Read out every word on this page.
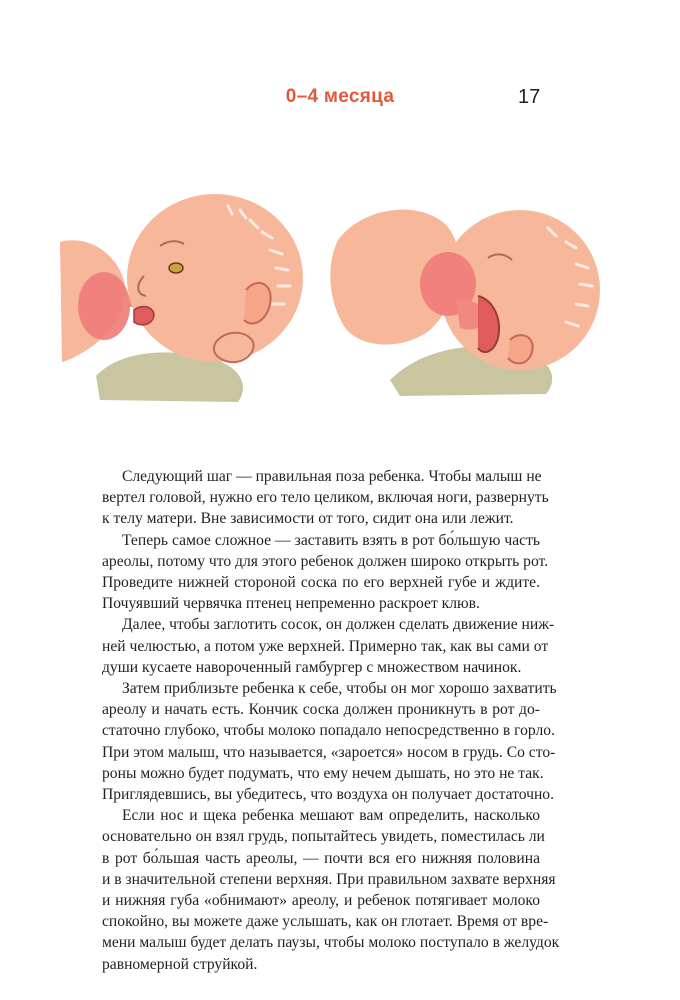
0–4 месяца	17

Следующий шаг — правильная поза ребенка. Чтобы малыш не
вертел головой, нужно его тело целиком, включая ноги, развернуть
к телу матери. Вне зависимости от того, сидит она или лежит.

Теперь самое сложное — заставить взять в рот бо́льшую часть
ареолы, потому что для этого ребенок должен широко открыть рот.
Проведите нижней стороной соска по его верхней губе и ждите.
Почуявший червячка птенец непременно раскроет клюв.

Далее, чтобы заглотить сосок, он должен сделать движение ниж-
ней челюстью, а потом уже верхней. Примерно так, как вы сами от
души кусаете навороченный гамбургер с множеством начинок.

Затем приблизьте ребенка к себе, чтобы он мог хорошо захватить
ареолу и начать есть. Кончик соска должен проникнуть в рот до-
статочно глубоко, чтобы молоко попадало непосредственно в горло.
При этом малыш, что называется, «зароется» носом в грудь. Со сто-
роны можно будет подумать, что ему нечем дышать, но это не так.
Приглядевшись, вы убедитесь, что воздуха он получает достаточно.

Если нос и щека ребенка мешают вам определить, насколько
основательно он взял грудь, попытайтесь увидеть, поместилась ли
в рот бо́льшая часть ареолы, — почти вся его нижняя половина
и в значительной степени верхняя. При правильном захвате верхняя
и нижняя губа «обнимают» ареолу, и ребенок потягивает молоко
спокойно, вы можете даже услышать, как он глотает. Время от вре-
мени малыш будет делать паузы, чтобы молоко поступало в желудок
равномерной струйкой.
